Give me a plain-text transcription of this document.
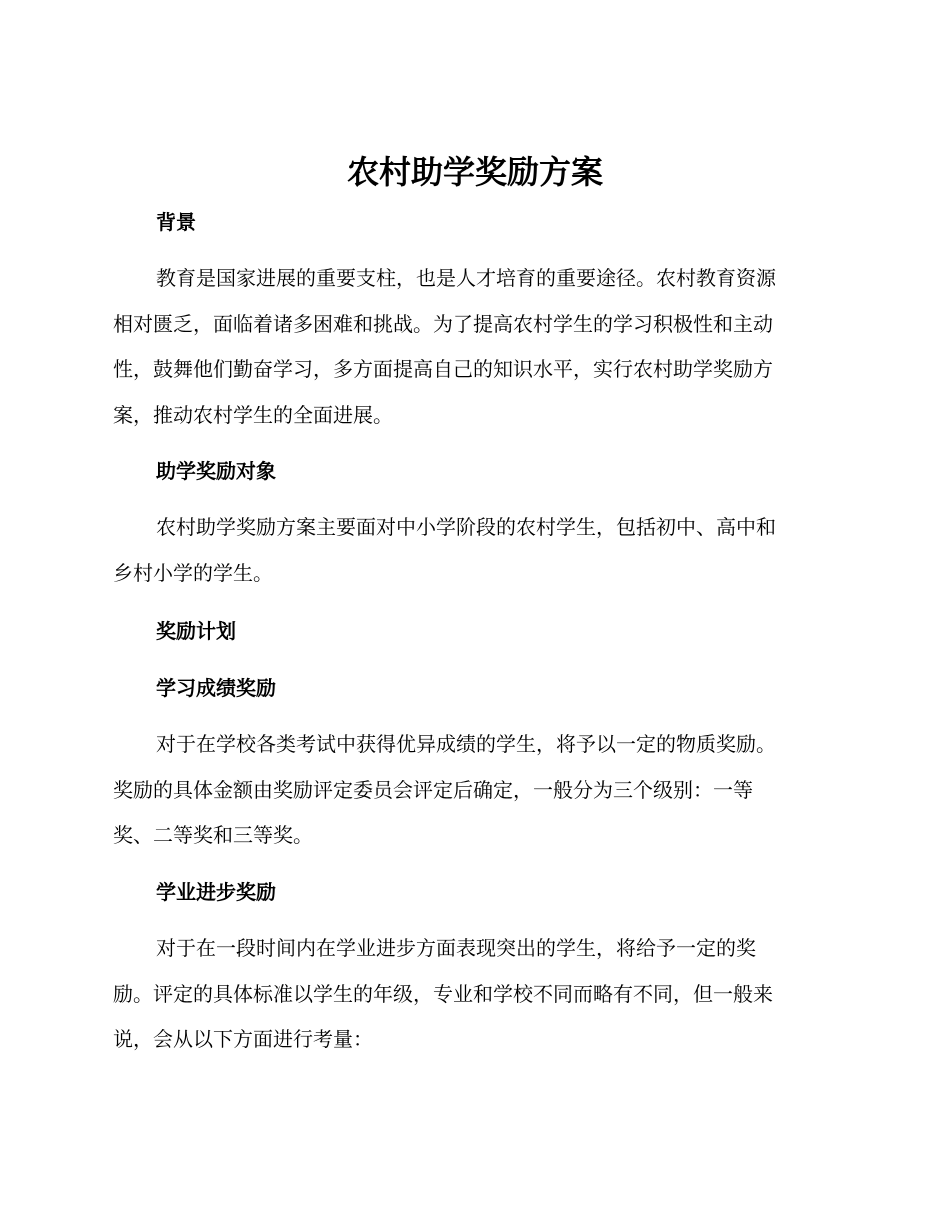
农村助学奖励方案
背景
教育是国家进展的重要支柱，也是人才培育的重要途径。农村教育资源
相对匮乏，面临着诸多困难和挑战。为了提高农村学生的学习积极性和主动
性，鼓舞他们勤奋学习，多方面提高自己的知识水平，实行农村助学奖励方
案，推动农村学生的全面进展。
助学奖励对象
农村助学奖励方案主要面对中小学阶段的农村学生，包括初中、高中和
乡村小学的学生。
奖励计划
学习成绩奖励
对于在学校各类考试中获得优异成绩的学生，将予以一定的物质奖励。
奖励的具体金额由奖励评定委员会评定后确定，一般分为三个级别：一等
奖、二等奖和三等奖。
学业进步奖励
对于在一段时间内在学业进步方面表现突出的学生，将给予一定的奖
励。评定的具体标准以学生的年级，专业和学校不同而略有不同，但一般来
说，会从以下方面进行考量：
